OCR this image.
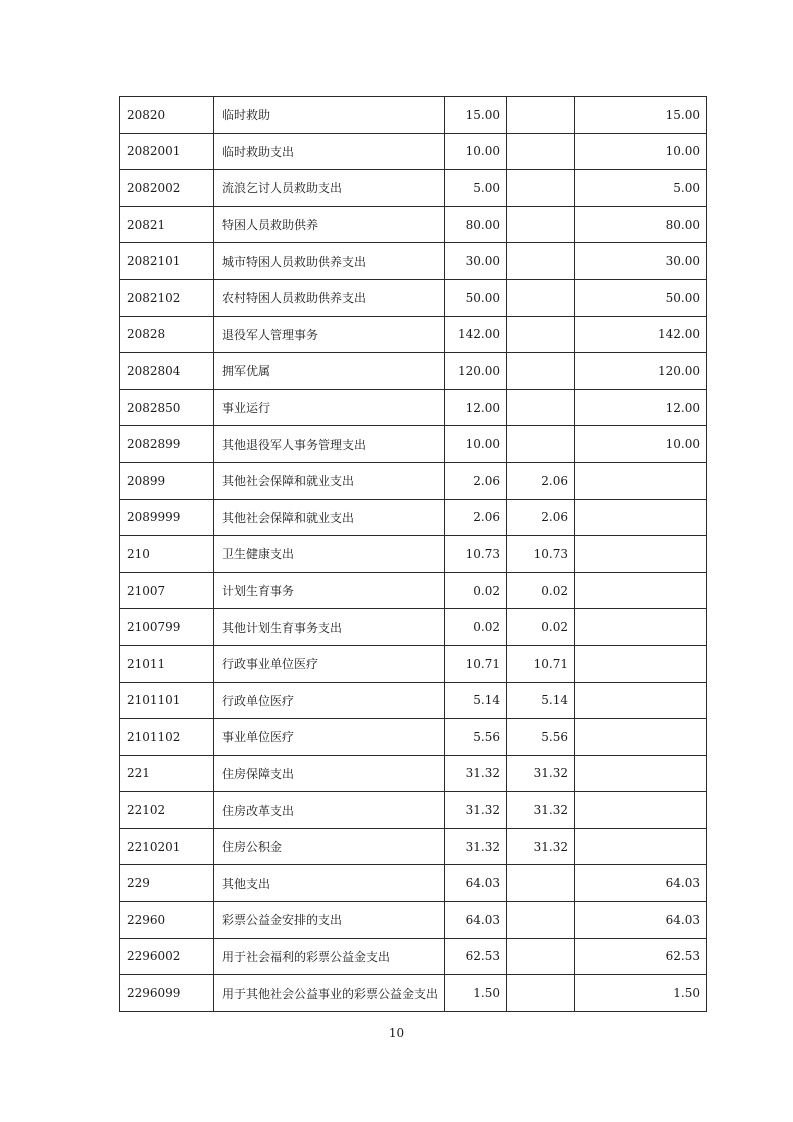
20820	临时救助	15.00		15.00
2082001	临时救助支出	10.00		10.00
2082002	流浪乞讨人员救助支出	5.00		5.00
20821	特困人员救助供养	80.00		80.00
2082101	城市特困人员救助供养支出	30.00		30.00
2082102	农村特困人员救助供养支出	50.00		50.00
20828	退役军人管理事务	142.00		142.00
2082804	拥军优属	120.00		120.00
2082850	事业运行	12.00		12.00
2082899	其他退役军人事务管理支出	10.00		10.00
20899	其他社会保障和就业支出	2.06	2.06	
2089999	其他社会保障和就业支出	2.06	2.06	
210	卫生健康支出	10.73	10.73	
21007	计划生育事务	0.02	0.02	
2100799	其他计划生育事务支出	0.02	0.02	
21011	行政事业单位医疗	10.71	10.71	
2101101	行政单位医疗	5.14	5.14	
2101102	事业单位医疗	5.56	5.56	
221	住房保障支出	31.32	31.32	
22102	住房改革支出	31.32	31.32	
2210201	住房公积金	31.32	31.32	
229	其他支出	64.03		64.03
22960	彩票公益金安排的支出	64.03		64.03
2296002	用于社会福利的彩票公益金支出	62.53		62.53
2296099	用于其他社会公益事业的彩票公益金支出	1.50		1.50
10
